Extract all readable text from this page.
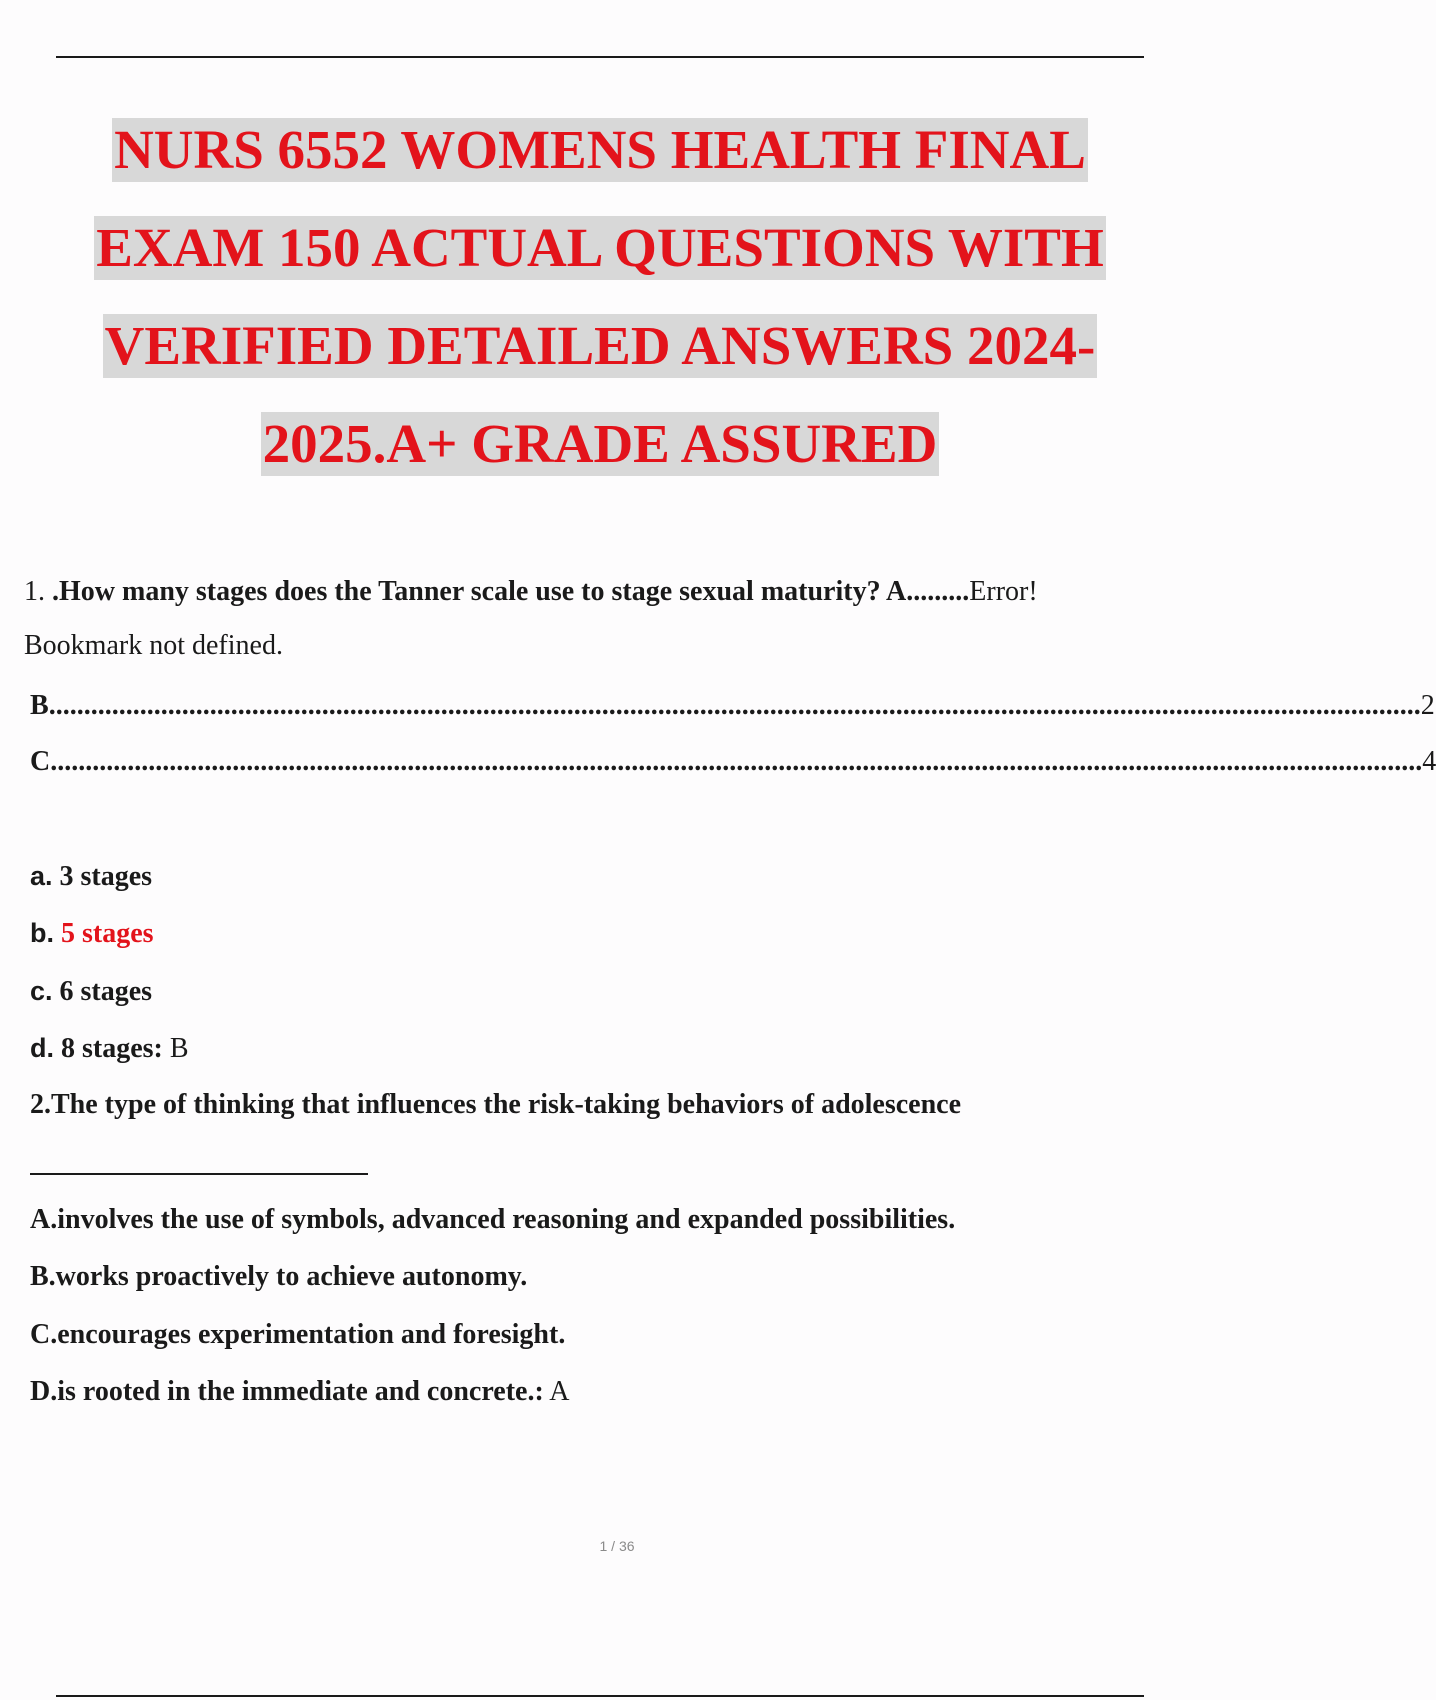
NURS 6552 WOMENS HEALTH FINAL
EXAM 150 ACTUAL QUESTIONS WITH
VERIFIED DETAILED ANSWERS 2024-
2025.A+ GRADE ASSURED
1. .How many stages does the Tanner scale use to stage sexual maturity? A.........Error!
Bookmark not defined.
B .................................................................................................................................................................................................... 2
C .................................................................................................................................................................................................... 4
a. 3 stages
b. 5 stages
c. 6 stages
d. 8 stages: B
2.The type of thinking that influences the risk-taking behaviors of adolescence
A.involves the use of symbols, advanced reasoning and expanded possibilities.
B.works proactively to achieve autonomy.
C.encourages experimentation and foresight.
D.is rooted in the immediate and concrete.: A
1 / 36
